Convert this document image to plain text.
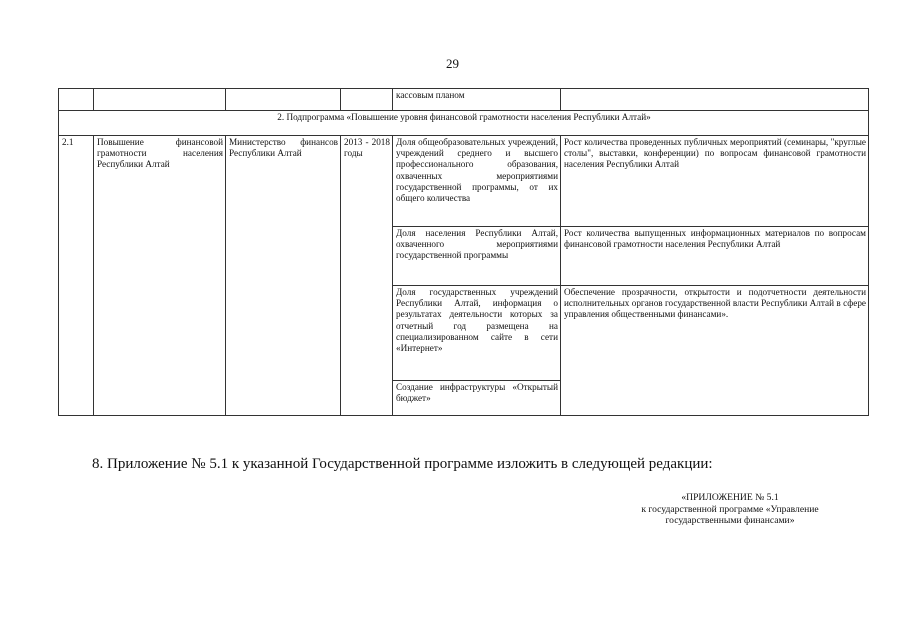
29
				кассовым планом	
2. Подпрограмма «Повышение уровня финансовой грамотности населения Республики Алтай»					
2.1	Повышение финансовой грамотности населения Республики Алтай	Министерство финансов Республики Алтай	2013 - 2018 годы	Доля общеобразовательных учреждений, учреждений среднего и высшего профессионального образования, охваченных мероприятиями государственной программы, от их общего количества	Рост количества проведенных публичных мероприятий (семинары, "круглые столы", выставки, конференции) по вопросам финансовой грамотности населения Республики Алтай
				Доля населения Республики Алтай, охваченного мероприятиями государственной программы	Рост количества выпущенных информационных материалов по вопросам финансовой грамотности населения Республики Алтай
				Доля государственных учреждений Республики Алтай, информация о результатах деятельности которых за отчетный год размещена на специализированном сайте в сети «Интернет»	Обеспечение прозрачности, открытости и подотчетности деятельности исполнительных органов государственной власти Республики Алтай в сфере управления общественными финансами».
				Создание инфраструктуры «Открытый бюджет»	
8. Приложение № 5.1 к указанной Государственной программе изложить в следующей редакции:
«ПРИЛОЖЕНИЕ № 5.1
к государственной программе «Управление
государственными финансами»
